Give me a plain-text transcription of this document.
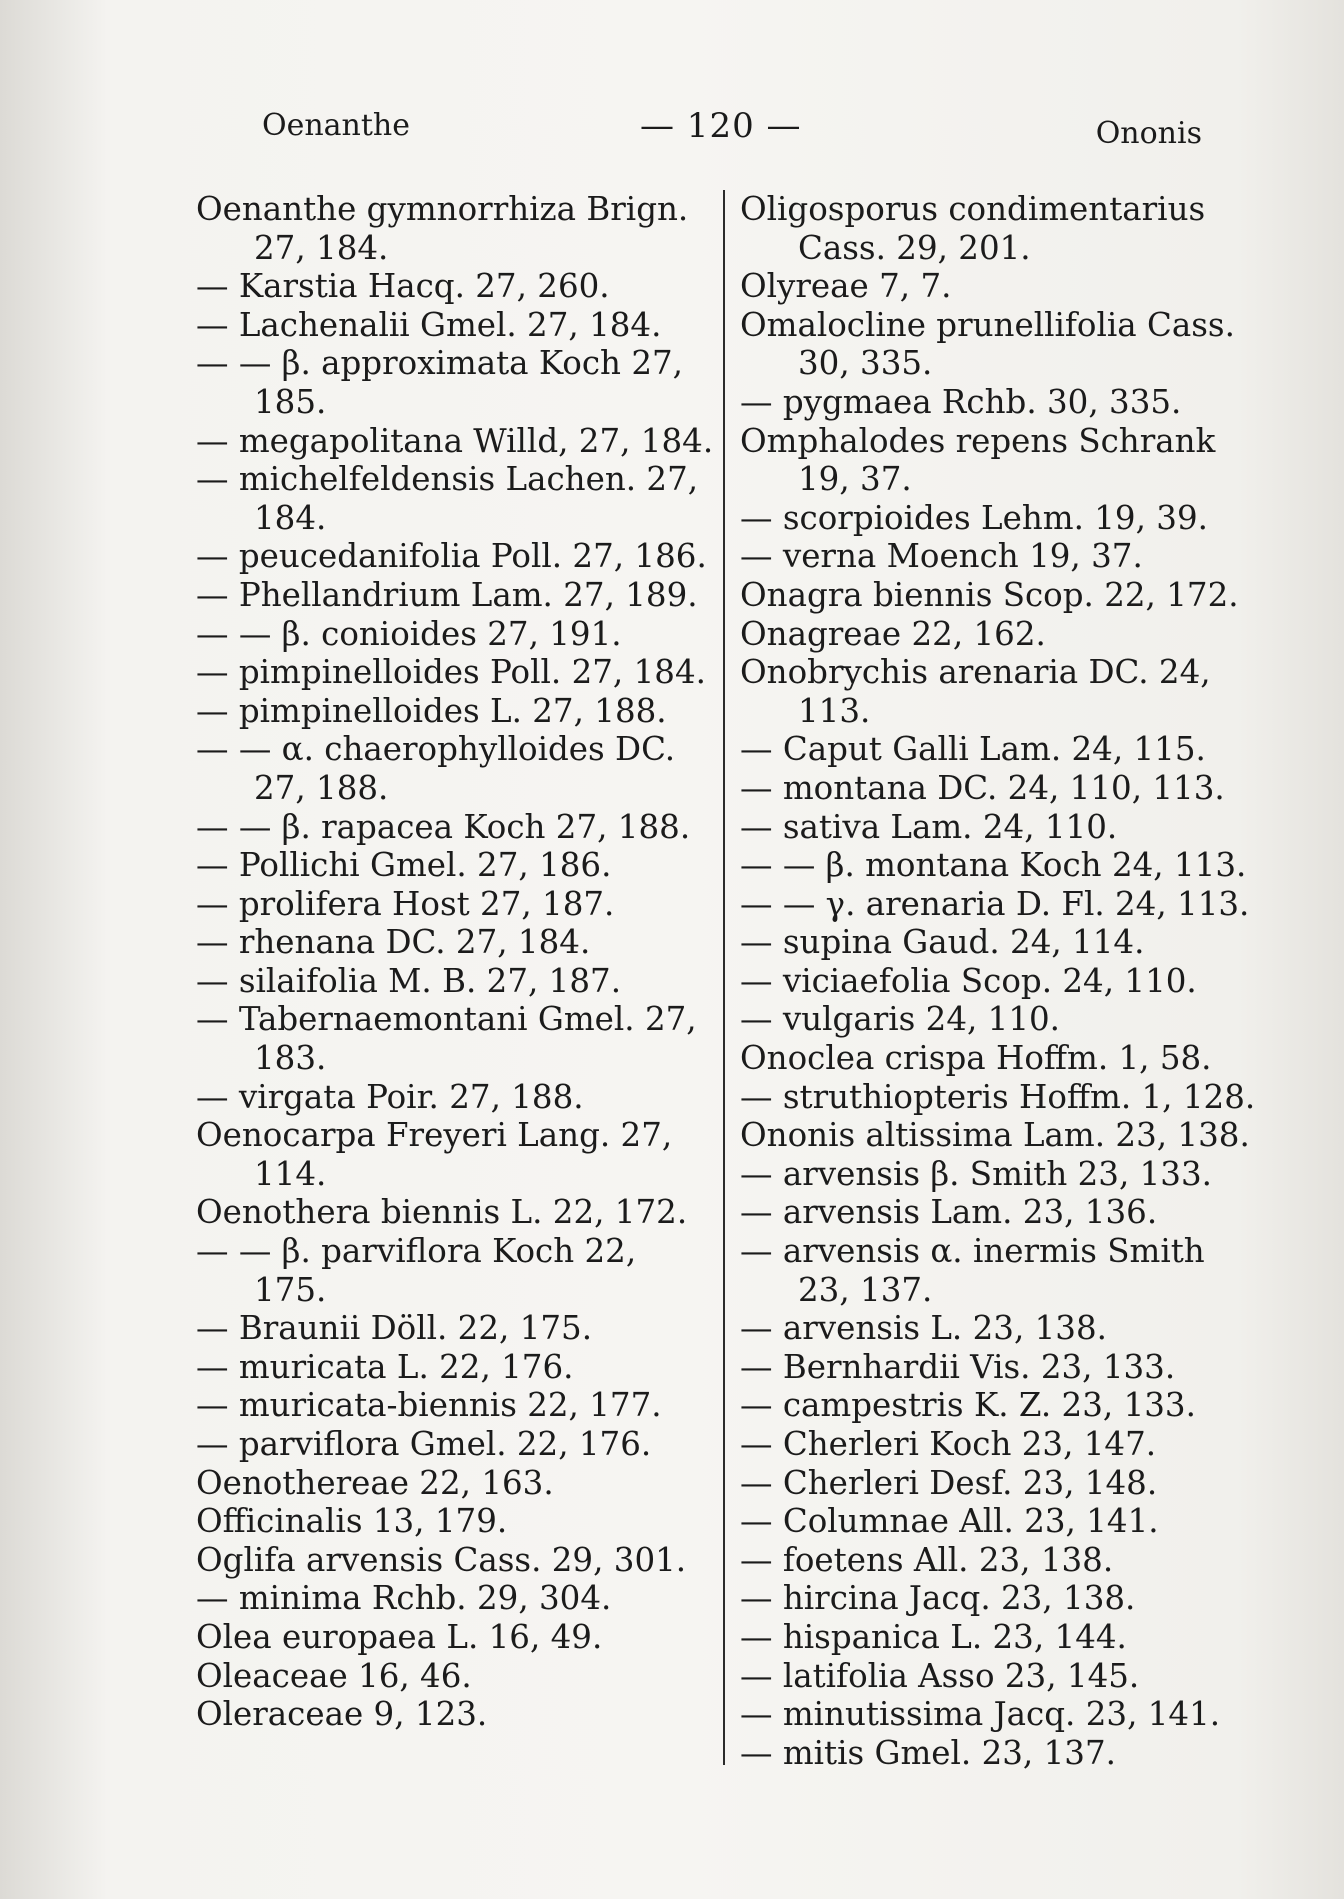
Oenanthe	— 120 —	Ononis
Oenanthe gymnorrhiza Brign. 27, 184.
— Karstia Hacq. 27, 260.
— Lachenalii Gmel. 27, 184.
— — β. approximata Koch 27, 185.
— megapolitana Willd, 27, 184.
— michelfeldensis Lachen. 27, 184.
— peucedanifolia Poll. 27, 186.
— Phellandrium Lam. 27, 189.
— — β. conioides 27, 191.
— pimpinelloides Poll. 27, 184.
— pimpinelloides L. 27, 188.
— — α. chaerophylloides DC. 27, 188.
— — β. rapacea Koch 27, 188.
— Pollichi Gmel. 27, 186.
— prolifera Host 27, 187.
— rhenana DC. 27, 184.
— silaifolia M. B. 27, 187.
— Tabernaemontani Gmel. 27, 183.
— virgata Poir. 27, 188.
Oenocarpa Freyeri Lang. 27, 114.
Oenothera biennis L. 22, 172.
— — β. parviflora Koch 22, 175.
— Braunii Döll. 22, 175.
— muricata L. 22, 176.
— muricata-biennis 22, 177.
— parviflora Gmel. 22, 176.
Oenothereae 22, 163.
Officinalis 13, 179.
Oglifa arvensis Cass. 29, 301.
— minima Rchb. 29, 304.
Olea europaea L. 16, 49.
Oleaceae 16, 46.
Oleraceae 9, 123.
Oligosporus condimentarius Cass. 29, 201.
Olyreae 7, 7.
Omalocline prunellifolia Cass. 30, 335.
— pygmaea Rchb. 30, 335.
Omphalodes repens Schrank 19, 37.
— scorpioides Lehm. 19, 39.
— verna Moench 19, 37.
Onagra biennis Scop. 22, 172.
Onagreae 22, 162.
Onobrychis arenaria DC. 24, 113.
— Caput Galli Lam. 24, 115.
— montana DC. 24, 110, 113.
— sativa Lam. 24, 110.
— — β. montana Koch 24, 113.
— — γ. arenaria D. Fl. 24, 113.
— supina Gaud. 24, 114.
— viciaefolia Scop. 24, 110.
— vulgaris 24, 110.
Onoclea crispa Hoffm. 1, 58.
— struthiopteris Hoffm. 1, 128.
Ononis altissima Lam. 23, 138.
— arvensis β. Smith 23, 133.
— arvensis Lam. 23, 136.
— arvensis α. inermis Smith 23, 137.
— arvensis L. 23, 138.
— Bernhardii Vis. 23, 133.
— campestris K. Z. 23, 133.
— Cherleri Koch 23, 147.
— Cherleri Desf. 23, 148.
— Columnae All. 23, 141.
— foetens All. 23, 138.
— hircina Jacq. 23, 138.
— hispanica L. 23, 144.
— latifolia Asso 23, 145.
— minutissima Jacq. 23, 141.
— mitis Gmel. 23, 137.
